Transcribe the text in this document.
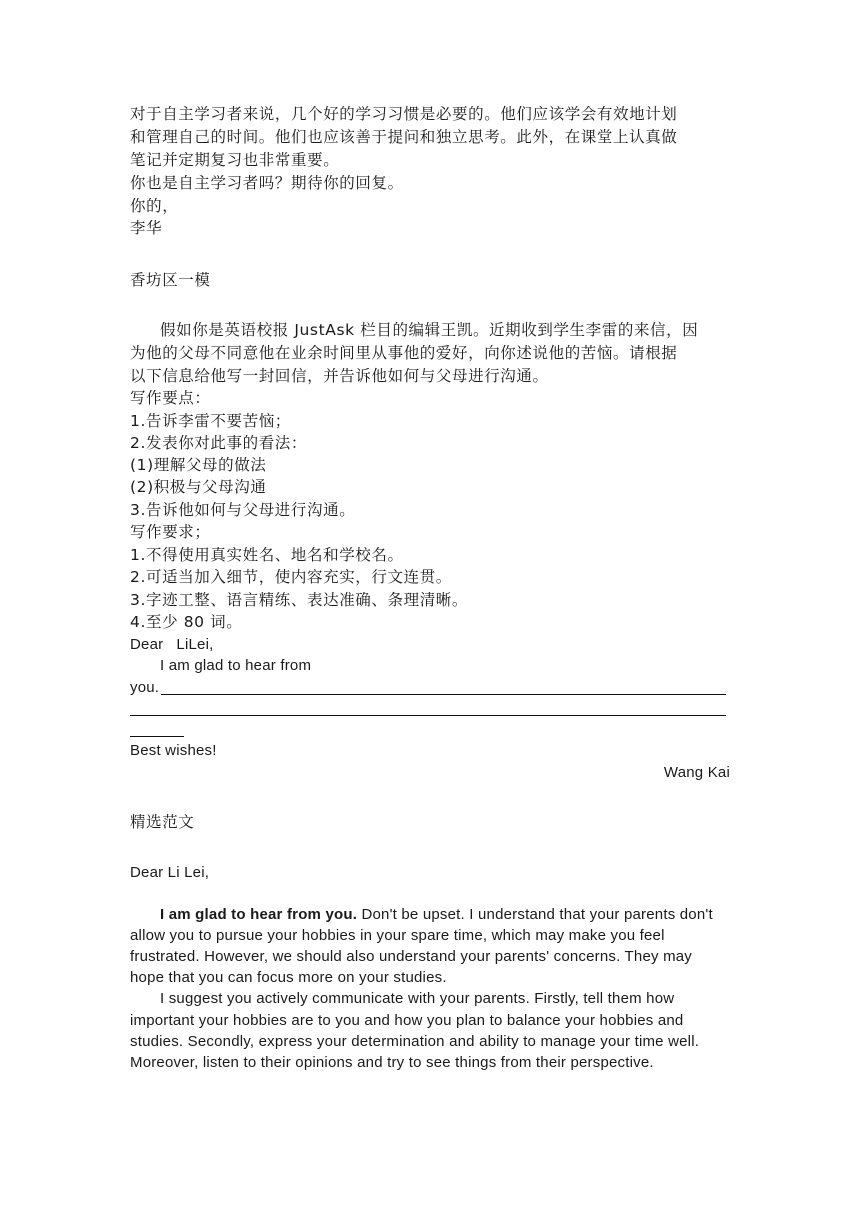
对于自主学习者来说，几个好的学习习惯是必要的。他们应该学会有效地计划
和管理自己的时间。他们也应该善于提问和独立思考。此外，在课堂上认真做
笔记并定期复习也非常重要。
你也是自主学习者吗？期待你的回复。
你的，
李华
香坊区一模
假如你是英语校报 JustAsk 栏目的编辑王凯。近期收到学生李雷的来信，因
为他的父母不同意他在业余时间里从事他的爱好，向你述说他的苦恼。请根据
以下信息给他写一封回信，并告诉他如何与父母进行沟通。
写作要点：
1.告诉李雷不要苦恼；
2.发表你对此事的看法：
(1)理解父母的做法
(2)积极与父母沟通
3.告诉他如何与父母进行沟通。
写作要求；
1.不得使用真实姓名、地名和学校名。
2.可适当加入细节，使内容充实，行文连贯。
3.字迹工整、语言精练、表达准确、条理清晰。
4.至少 80 词。
Dear   LiLei,
I am glad to hear from
you.
Best wishes!
Wang Kai
精选范文
Dear Li Lei,
I am glad to hear from you. Don't be upset. I understand that your parents don't
allow you to pursue your hobbies in your spare time, which may make you feel
frustrated. However, we should also understand your parents' concerns. They may
hope that you can focus more on your studies.
I suggest you actively communicate with your parents. Firstly, tell them how
important your hobbies are to you and how you plan to balance your hobbies and
studies. Secondly, express your determination and ability to manage your time well.
Moreover, listen to their opinions and try to see things from their perspective.
